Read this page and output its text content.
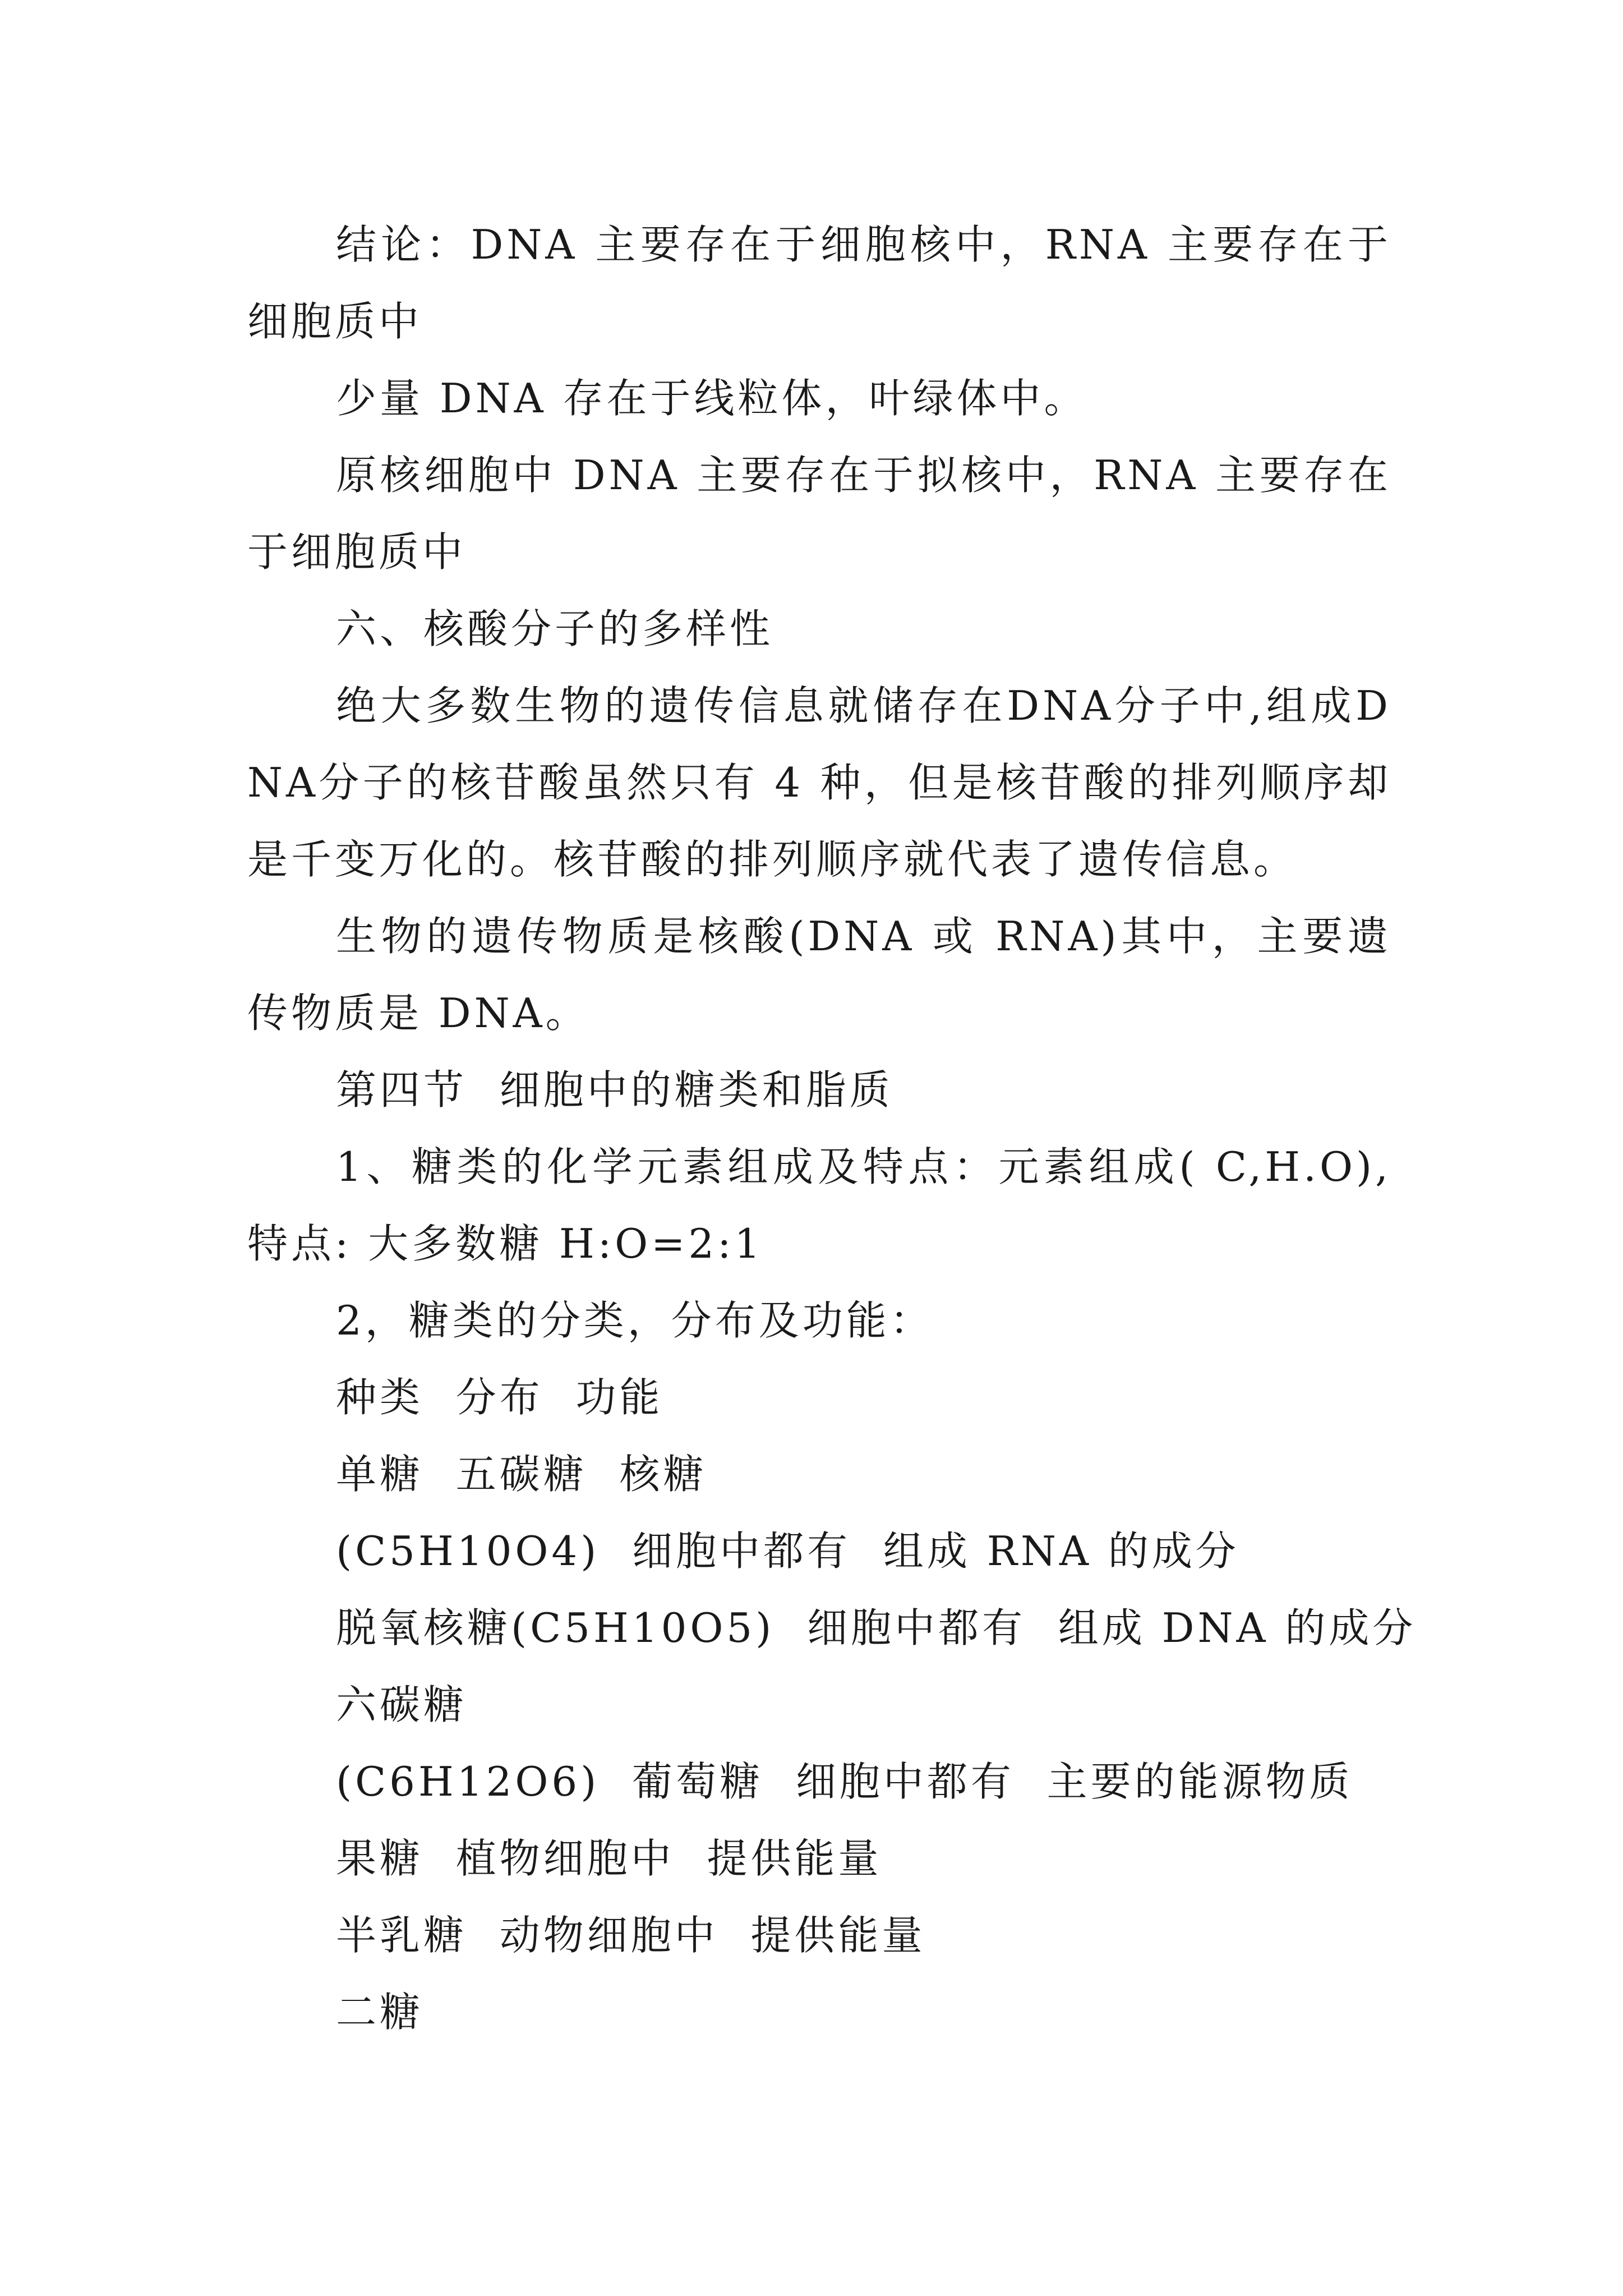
结论：DNA 主要存在于细胞核中，RNA 主要存在于细胞质中

少量 DNA 存在于线粒体，叶绿体中。

原核细胞中 DNA 主要存在于拟核中，RNA 主要存在于细胞质中

六、核酸分子的多样性

绝大多数生物的遗传信息就储存在DNA分子中,组成DNA分子的核苷酸虽然只有 4 种，但是核苷酸的排列顺序却是千变万化的。核苷酸的排列顺序就代表了遗传信息。

生物的遗传物质是核酸(DNA 或 RNA)其中，主要遗传物质是 DNA。

第四节  细胞中的糖类和脂质

1、糖类的化学元素组成及特点：元素组成( C,H.O),特点: 大多数糖 H:O=2:1

2，糖类的分类，分布及功能：

种类  分布  功能

单糖  五碳糖  核糖

(C5H10O4)  细胞中都有  组成 RNA 的成分

脱氧核糖(C5H10O5)  细胞中都有  组成 DNA 的成分

六碳糖

(C6H12O6)  葡萄糖  细胞中都有  主要的能源物质

果糖  植物细胞中  提供能量

半乳糖  动物细胞中  提供能量

二糖
